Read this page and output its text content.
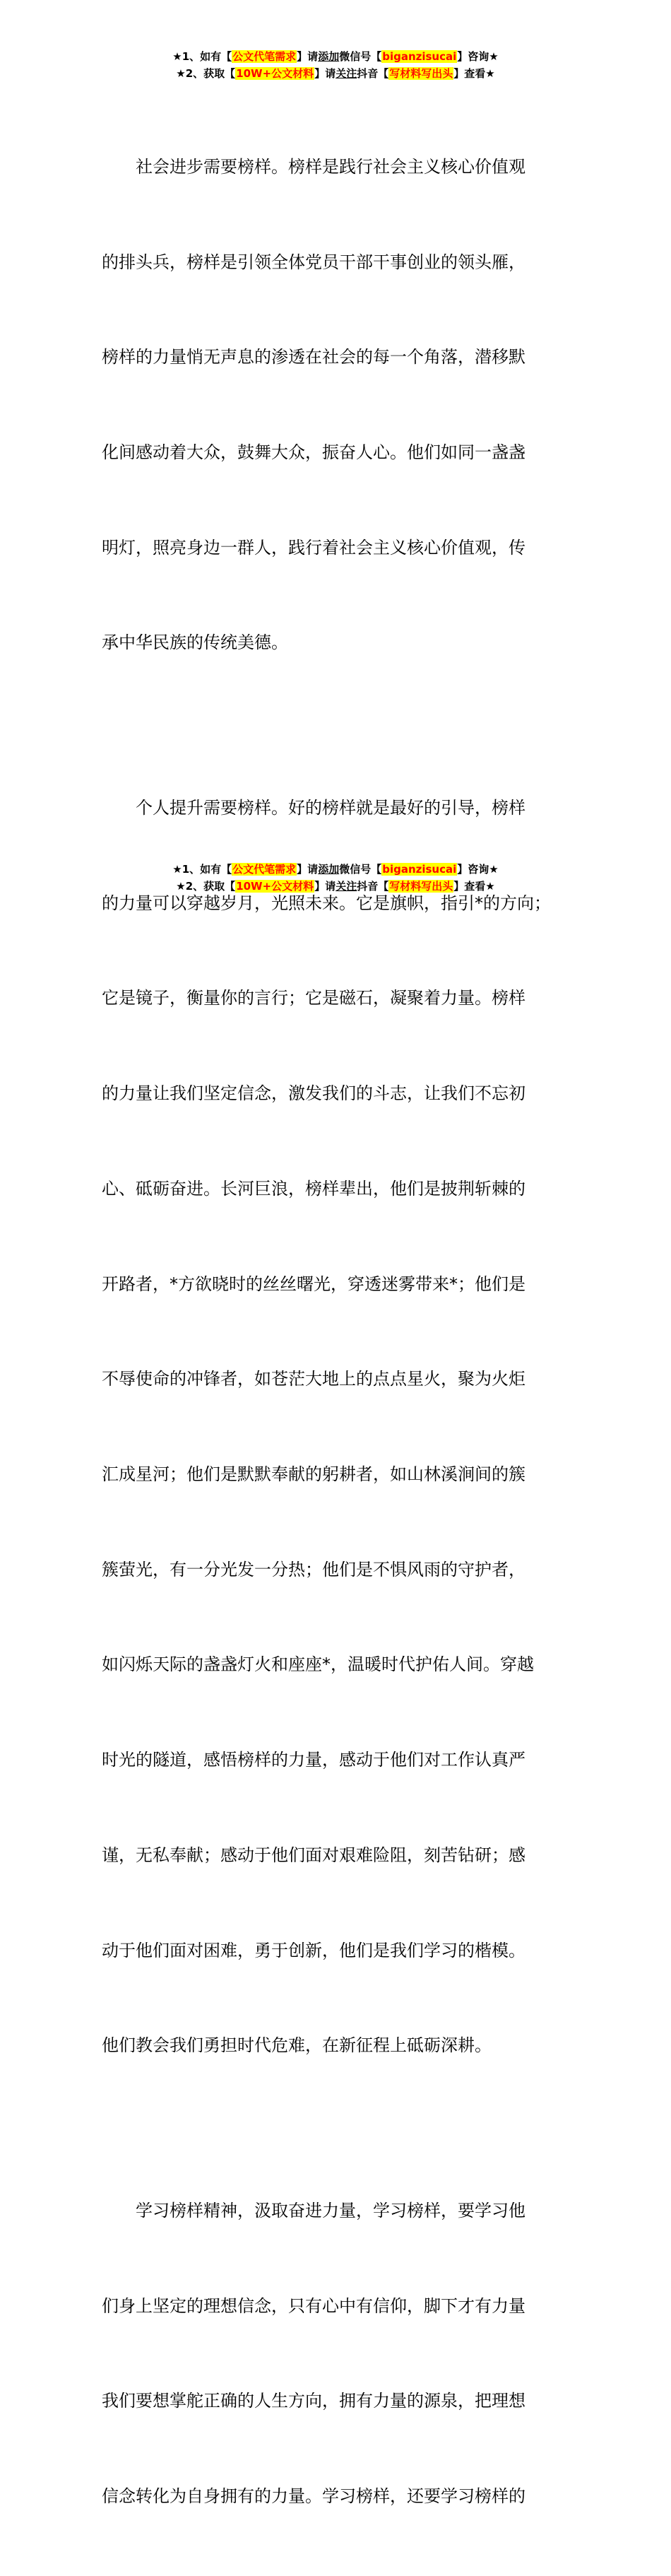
★1、如有【公文代笔需求】请添加微信号【biganzisucai】咨询★
★2、获取【10W+公文材料】请关注抖音【写材料写出头】查看★

社会进步需要榜样。榜样是践行社会主义核心价值观

的排头兵，榜样是引领全体党员干部干事创业的领头雁，

榜样的力量悄无声息的渗透在社会的每一个角落，潜移默

化间感动着大众，鼓舞大众，振奋人心。他们如同一盏盏

明灯，照亮身边一群人，践行着社会主义核心价值观，传

承中华民族的传统美德。

个人提升需要榜样。好的榜样就是最好的引导，榜样

的力量可以穿越岁月，光照未来。它是旗帜，指引*的方向；

它是镜子，衡量你的言行；它是磁石，凝聚着力量。榜样

的力量让我们坚定信念，激发我们的斗志，让我们不忘初

心、砥砺奋进。长河巨浪，榜样辈出，他们是披荆斩棘的

开路者，*方欲晓时的丝丝曙光，穿透迷雾带来*；他们是

不辱使命的冲锋者，如苍茫大地上的点点星火，聚为火炬

汇成星河；他们是默默奉献的躬耕者，如山林溪涧间的簇

簇萤光，有一分光发一分热；他们是不惧风雨的守护者，

如闪烁天际的盏盏灯火和座座*，温暖时代护佑人间。穿越

时光的隧道，感悟榜样的力量，感动于他们对工作认真严

谨，无私奉献；感动于他们面对艰难险阻，刻苦钻研；感

动于他们面对困难，勇于创新，他们是我们学习的楷模。

他们教会我们勇担时代危难，在新征程上砥砺深耕。

学习榜样精神，汲取奋进力量，学习榜样，要学习他

们身上坚定的理想信念，只有心中有信仰，脚下才有力量

我们要想掌舵正确的人生方向，拥有力量的源泉，把理想

信念转化为自身拥有的力量。学习榜样，还要学习榜样的

★1、如有【公文代笔需求】请添加微信号【biganzisucai】咨询★
★2、获取【10W+公文材料】请关注抖音【写材料写出头】查看★
